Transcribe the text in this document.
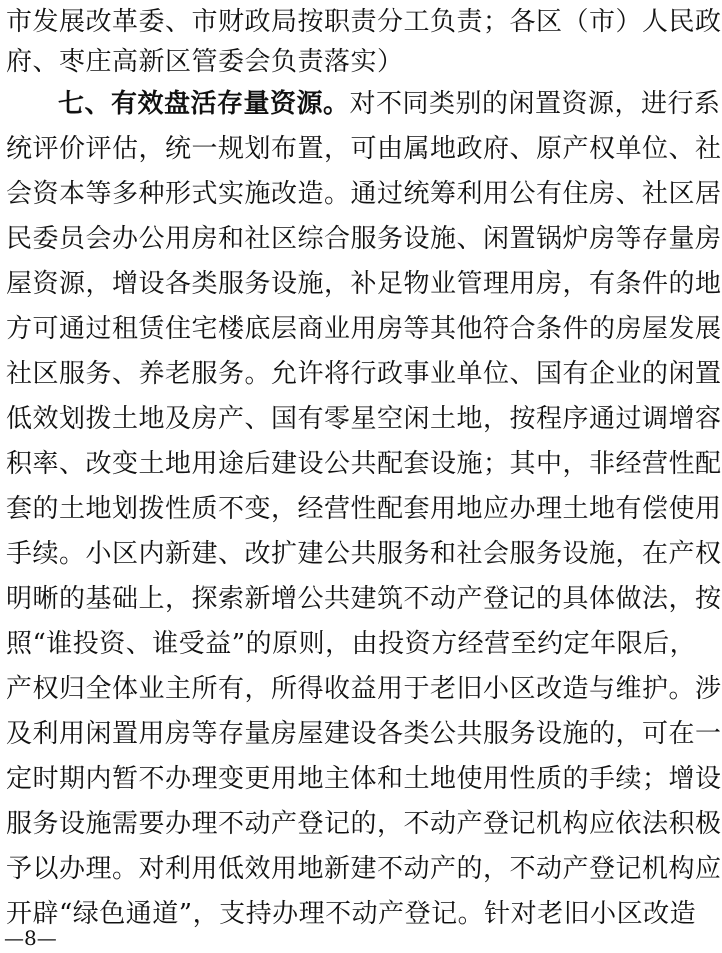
市发展改革委、市财政局按职责分工负责；各区（市）人民政
府、枣庄高新区管委会负责落实）
七、有效盘活存量资源。对不同类别的闲置资源，进行系
统评价评估，统一规划布置，可由属地政府、原产权单位、社
会资本等多种形式实施改造。通过统筹利用公有住房、社区居
民委员会办公用房和社区综合服务设施、闲置锅炉房等存量房
屋资源，增设各类服务设施，补足物业管理用房，有条件的地
方可通过租赁住宅楼底层商业用房等其他符合条件的房屋发展
社区服务、养老服务。允许将行政事业单位、国有企业的闲置
低效划拨土地及房产、国有零星空闲土地，按程序通过调增容
积率、改变土地用途后建设公共配套设施；其中，非经营性配
套的土地划拨性质不变，经营性配套用地应办理土地有偿使用
手续。小区内新建、改扩建公共服务和社会服务设施，在产权
明晰的基础上，探索新增公共建筑不动产登记的具体做法，按
照“谁投资、谁受益”的原则，由投资方经营至约定年限后，
产权归全体业主所有，所得收益用于老旧小区改造与维护。涉
及利用闲置用房等存量房屋建设各类公共服务设施的，可在一
定时期内暂不办理变更用地主体和土地使用性质的手续；增设
服务设施需要办理不动产登记的，不动产登记机构应依法积极
予以办理。对利用低效用地新建不动产的，不动产登记机构应
开辟“绿色通道”，支持办理不动产登记。针对老旧小区改造
—8—
